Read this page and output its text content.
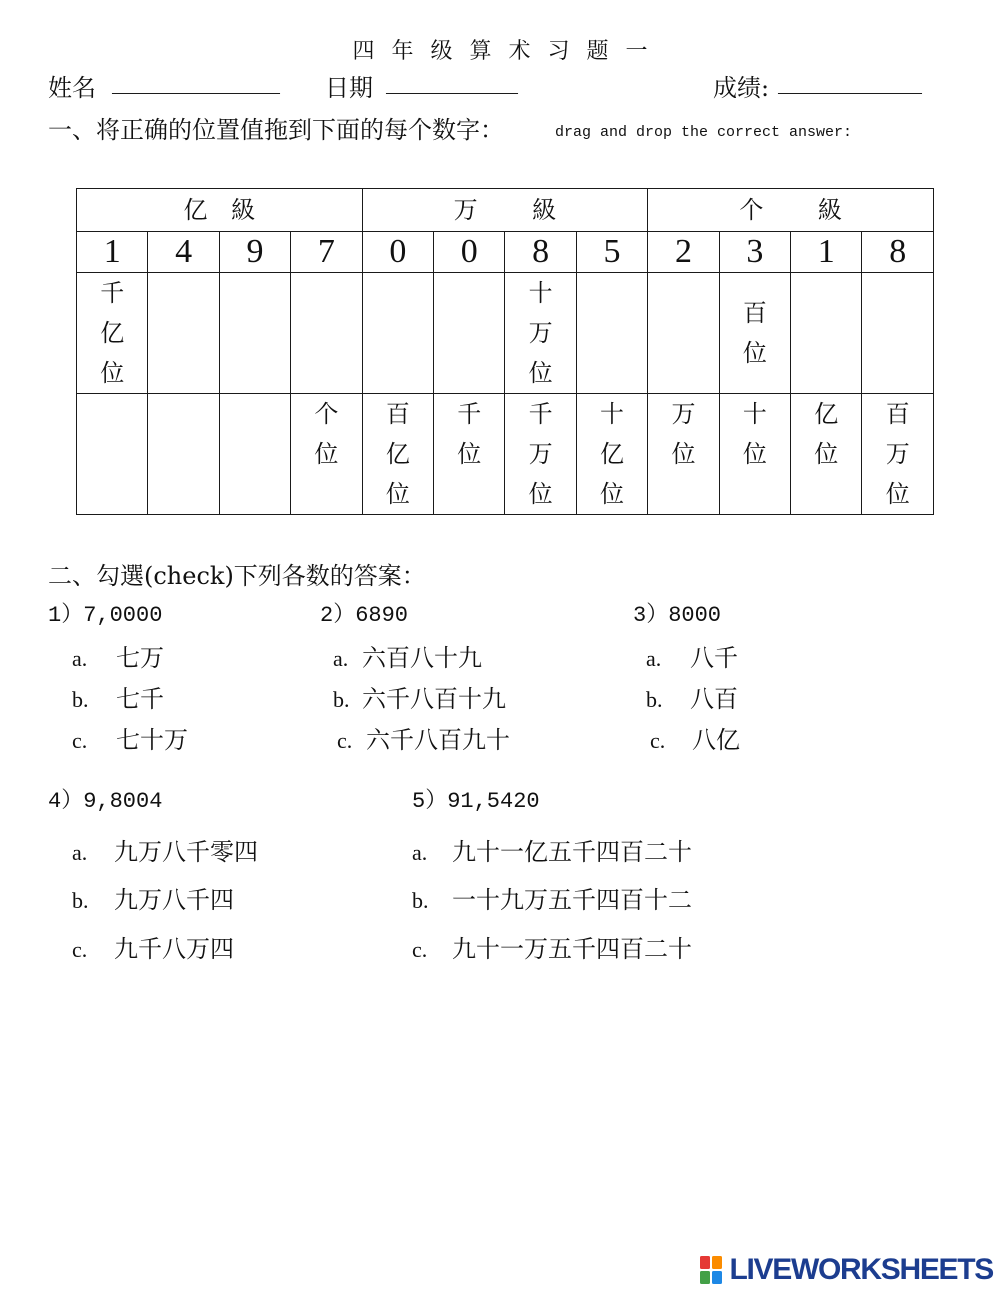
四 年 级 算 术 习 题 一
姓名 ______________ 日期 ___________	成绩: ____________
一、将正确的位置值拖到下面的每个数字：	drag and drop the correct answer:
亿 級				万    級				个    級			
1	4	9	7	0	0	8	5	2	3	1	8

千亿位						十万位			百位		

			个位	百亿位	千位	千万位	十亿位	万位	十位	亿位	百万位
二、勾選(check)下列各数的答案：
1）7,0000
a. 七万
b. 七千
c. 七十万
2）6890
a. 六百八十九
b. 六千八百十九
c. 六千八百九十
3）8000
a. 八千
b. 八百
c. 八亿
4）9,8004
a. 九万八千零四
b. 九万八千四
c. 九千八万四
5）91,5420
a. 九十一亿五千四百二十
b. 一十九万五千四百十二
c. 九十一万五千四百二十
LIVEWORKSHEETS
